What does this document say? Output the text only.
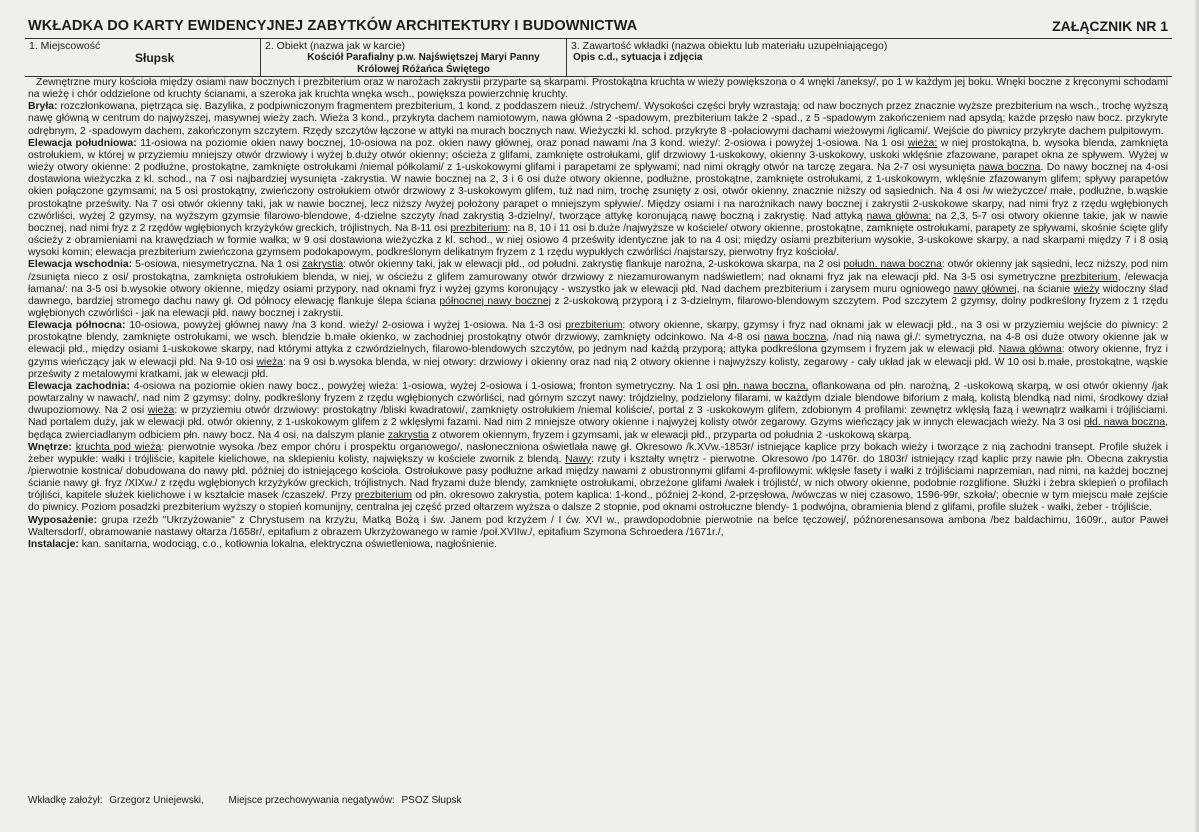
WKŁADKA DO KARTY EWIDENCYJNEJ ZABYTKÓW ARCHITEKTURY I BUDOWNICTWA	ZAŁĄCZNIK NR 1
1. Miejscowość
Słupsk
2. Obiekt (nazwa jak w karcie)
Kościół Parafialny p.w. Najświętszej Maryi Panny Królowej Różańca Świętego
3. Zawartość wkładki (nazwa obiektu lub materiału uzupełniającego)
Opis c.d., sytuacja i zdjęcia

Zewnętrzne mury kościoła między osiami naw bocznych i prezbiterium oraz w narożach zakrystii przyparte są skarpami. Prostokątna kruchta w wieży powiększona o 4 wnęki /aneksy/, po 1 w każdym jej boku. Wnęki boczne z kręconymi schodami na wieżę i chór oddzielone od kruchty ścianami, a szeroka jak kruchta wnęka wsch., powiększa powierzchnię kruchty.

Bryła: rozczłonkowana, piętrząca się. Bazylika, z podpiwniczonym fragmentem prezbiterium, 1 kond. z poddaszem nieuż. /strychem/. Wysokości części bryły wzrastają: od naw bocznych przez znacznie wyższe prezbiterium na wsch., trochę wyższą nawę główną w centrum do najwyższej, masywnej wieży zach. Wieża 3 kond., przykryta dachem namiotowym, nawa główna 2 -spadowym, prezbiterium także 2 -spad., z 5 -spadowym zakończeniem nad apsydą; każde przęsło naw bocz. przykryte odrębnym, 2 -spadowym dachem, zakończonym szczytem. Rzędy szczytów łączone w attyki na murach bocznych naw. Wieżyczki kl. schod. przykryte 8 -połaciowymi dachami wieżowymi /iglicami/. Wejście do piwnicy przykryte dachem pulpitowym.

Elewacja południowa: 11-osiowa na poziomie okien nawy bocznej, 10-osiowa na poz. okien nawy głównej, oraz ponad nawami /na 3 kond. wieży/: 2-osiowa i powyżej 1-osiowa. Na 1 osi wieża: w niej prostokątna, b. wysoka blenda, zamknięta ostrołukiem, w której w przyziemiu mniejszy otwór drzwiowy i wyżej b.duży otwór okienny; ościeża z glifami, zamknięte ostrołukami, glif drzwiowy 1-uskokowy, okienny 3-uskokowy, uskoki wklęśnie zfazowane, parapet okna ze spływem. Wyżej w wieży otwory okienne: 2 podłużne, prostokątne, zamknięte ostrołukami /niemal półkolami/ z 1-uskokowymi glifami i parapetami ze spływami; nad nimi okrągły otwór na tarczę zegara. Na 2-7 osi wysunięta nawa boczna. Do nawy bocznej na 4-osi dostawiona wieżyczka z kl. schod., na 7 osi najbardziej wysunięta -zakrystia. W nawie bocznej na 2, 3 i 6 osi duże otwory okienne, podłużne, prostokątne, zamknięte ostrołukami, z 1-uskokowym, wklęśnie zfazowanym glifem; spływy parapetów okien połączone gzymsami; na 5 osi prostokątny, zwieńczony ostrołukiem otwór drzwiowy z 3-uskokowym glifem, tuż nad nim, trochę zsunięty z osi, otwór okienny, znacznie niższy od sąsiednich. Na 4 osi /w wieżyczce/ małe, podłużne, b.wąskie prostokątne prześwity. Na 7 osi otwór okienny taki, jak w nawie bocznej, lecz niższy /wyżej położony parapet o mniejszym spływie/. Między osiami i na narożnikach nawy bocznej i zakrystii 2-uskokowe skarpy, nad nimi fryz z rzędu wgłębionych czwórliści, wyżej 2 gzymsy, na wyższym gzymsie filarowo-blendowe, 4-dzielne szczyty /nad zakrystią 3-dzielny/, tworzące attykę koronującą nawę boczną i zakrystię. Nad attyką nawa główna: na 2,3, 5-7 osi otwory okienne takie, jak w nawie bocznej, nad nimi fryz z 2 rzędów wgłębionych krzyżyków greckich, trójlistnych. Na 8-11 osi prezbiterium: na 8, 10 i 11 osi b.duże /najwyższe w kościele/ otwory okienne, prostokątne, zamknięte ostrołukami, parapety ze spływami, skośnie ścięte glify ościeży z obramieniami na krawędziach w formie wałka; w 9 osi dostawiona wieżyczka z kl. schod., w niej osiowo 4 prześwity identyczne jak to na 4 osi; między osiami prezbiterium wysokie, 3-uskokowe skarpy, a nad skarpami między 7 i 8 osią wysoki komin; elewacja prezbiterium zwieńczona gzymsem podokapowym, podkreślonym delikatnym fryzem z 1 rzędu wypukłych czwórliści /najstarszy, pierwotny fryz kościoła/.

Elewacja wschodnia: 5-osiowa, niesymetryczna. Na 1 osi zakrystia: otwór okienny taki, jak w elewacji płd., od południ. zakrystię flankuje narożna, 2-uskokowa skarpa, na 2 osi połudn. nawa boczna: otwór okienny jak sąsiedni, lecz niższy, pod nim /zsunięta nieco z osi/ prostokątna, zamknięta ostrołukiem blenda, w niej, w ościeżu z glifem zamurowany otwór drzwiowy z niezamurowanym nadświetlem; nad oknami fryz jak na elewacji płd. Na 3-5 osi symetryczne prezbiterium, /elewacja łamana/: na 3-5 osi b.wysokie otwory okienne, między osiami przypory, nad oknami fryz i wyżej gzyms koronujący - wszystko jak w elewacji płd. Nad dachem prezbiterium i zarysem muru ogniowego nawy głównej, na ścianie wieży widoczny ślad dawnego, bardziej stromego dachu nawy gł. Od północy elewację flankuje ślepa ściana północnej nawy bocznej z 2-uskokową przyporą i z 3-dzielnym, filarowo-blendowym szczytem. Pod szczytem 2 gzymsy, dolny podkreślony fryzem z 1 rzędu wgłębionych czwórliści - jak na elewacji płd. nawy bocznej i zakrystii.

Elewacja północna: 10-osiowa, powyżej głównej nawy /na 3 kond. wieży/ 2-osiowa i wyżej 1-osiowa. Na 1-3 osi prezbiterium: otwory okienne, skarpy, gzymsy i fryz nad oknami jak w elewacji płd., na 3 osi w przyziemiu wejście do piwnicy: 2 prostokątne blendy, zamknięte ostrołukami, we wsch. blendzie b.małe okienko, w zachodniej prostokątny otwór drzwiowy, zamknięty odcinkowo. Na 4-8 osi nawa boczna, /nad nią nawa gł./: symetryczna, na 4-8 osi duże otwory okienne jak w elewacji płd., między osiami 1-uskokowe skarpy, nad którymi attyka z czwórdzielnych, filarowo-blendowych szczytów, po jednym nad każdą przyporą; attyka podkreślona gzymsem i fryzem jak w elewacji płd. Nawa główna: otwory okienne, fryz i gzyms wieńczący jak w elewacji płd. Na 9-10 osi wieża: na 9 osi b.wysoka blenda, w niej otwory: drzwiowy i okienny oraz nad nią 2 otwory okienne i najwyższy kolisty, zegarowy - cały układ jak w elewacji płd. W 10 osi b.małe, prostokątne, wąskie prześwity z metalowymi kratkami, jak w elewacji płd.

Elewacja zachodnia: 4-osiowa na poziomie okien nawy bocz., powyżej wieża: 1-osiowa, wyżej 2-osiowa i 1-osiowa; fronton symetryczny. Na 1 osi płn. nawa boczna, oflankowana od płn. narożną, 2 -uskokową skarpą, w osi otwór okienny /jak powtarzalny w nawach/, nad nim 2 gzymsy: dolny, podkreślony fryzem z rzędu wgłębionych czwórliści, nad górnym szczyt nawy: trójdzielny, podzielony filarami, w każdym dziale blendowe biforium z małą, kolistą blendką nad nimi, środkowy dział dwupoziomowy. Na 2 osi wieża: w przyziemiu otwór drzwiowy: prostokątny /bliski kwadratowi/, zamknięty ostrołukiem /niemal koliście/, portal z 3 -uskokowym glifem, zdobionym 4 profilami: zewnętrz wklęsłą fazą i wewnątrz wałkami i trójliściami. Nad portalem duży, jak w elewacji płd. otwór okienny, z 1-uskokowym glifem z 2 wklęsłymi fazami. Nad nim 2 mniejsze otwory okienne i najwyżej kolisty otwór zegarowy. Gzyms wieńczący jak w innych elewacjach wieży. Na 3 osi płd. nawa boczna, będąca zwierciadlanym odbiciem płn. nawy bocz. Na 4 osi, na dalszym planie zakrystia z otworem okiennym, fryzem i gzymsami, jak w elewacji płd., przyparta od południa 2 -uskokową skarpą.

Wnętrze: kruchta pod wieżą: pierwotnie wysoka /bez empor chóru i prospektu organowego/, nasłoneczniona oświetlała nawę gł. Okresowo /k.XVw.-1853r/ istniejące kaplice przy bokach wieży i tworzące z nią zachodni transept. Profile służek i żeber wypukłe: wałki i trójliście, kapitele kielichowe, na sklepieniu kolisty, największy w kościele zwornik z blendą. Nawy: rzuty i kształty wnętrz - pierwotne. Okresowo /po 1476r. do 1803r/ istniejący rząd kaplic przy nawie płn. Obecna zakrystia /pierwotnie kostnica/ dobudowana do nawy płd. później do istniejącego kościoła. Ostrołukowe pasy podłużne arkad między nawami z obustronnymi glifami 4-profilowymi: wklęsłe fasety i wałki z trójliściami naprzemian, nad nimi, na każdej bocznej ścianie nawy gł. fryz /XIXw./ z rzędu wgłębionych krzyżyków greckich, trójlistnych. Nad fryzami duże blendy, zamknięte ostrołukami, obrzeżone glifami /wałek i trójlistć/, w nich otwory okienne, podobnie rozglifione. Służki i żebra sklepień o profilach trójliści, kapitele służek kielichowe i w kształcie masek /czaszek/. Przy prezbiterium od płn. okresowo zakrystia, potem kaplica: 1-kond., później 2-kond, 2-przęsłowa, /wówczas w niej czasowo, 1596-99r, szkoła/; obecnie w tym miejscu małe zejście do piwnicy. Poziom posadzki prezbiterium wyższy o stopień komunijny, centralna jej część przed ołtarzem wyższa o dalsze 2 stopnie, pod oknami ostrołuczne blendy- 1 podwójna, obramienia blend z glifami, profile służek - wałki, żeber - trójliście.

Wyposażenie: grupa rzeźb "Ukrzyżowanie" z Chrystusem na krzyżu, Matką Bożą i św. Janem pod krzyżem / I ćw. XVI w., prawdopodobnie pierwotnie na belce tęczowej/, późnorenesansowa ambona /bez baldachimu, 1609r., autor Paweł Waltersdorf/, obramowanie nastawy ołtarza /1658r/, epitafium z obrazem Ukrzyżowanego w ramie /poł.XVIIw./, epitafium Szymona Schroedera /1671r./,

Instalacje: kan. sanitarna, wodociąg, c.o., kotłownia lokalna, elektryczna oświetleniowa, nagłośnienie.

Wkładkę założył: Grzegorz Uniejewski, Miejsce przechowywania negatywów: PSOZ Słupsk
